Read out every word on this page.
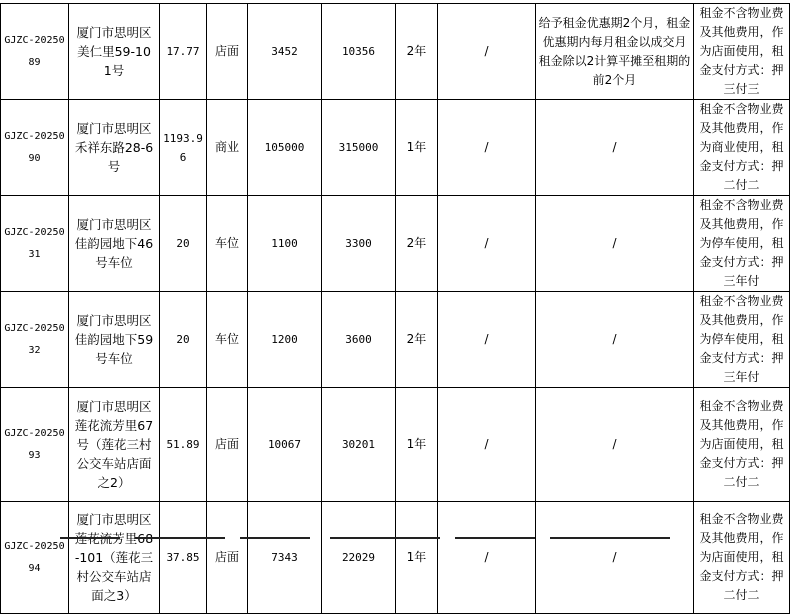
GJZC-2025089	厦门市思明区美仁里59-101号	17.77	店面	3452	10356	2年	/	给予租金优惠期2个月，租金优惠期内每月租金以成交月租金除以2计算平摊至租期的前2个月	租金不含物业费及其他费用，作为店面使用，租金支付方式：押三付三
GJZC-2025090	厦门市思明区禾祥东路28-6号	1193.96	商业	105000	315000	1年	/	/	租金不含物业费及其他费用，作为商业使用，租金支付方式：押二付二
GJZC-2025031	厦门市思明区佳韵园地下46号车位	20	车位	1100	3300	2年	/	/	租金不含物业费及其他费用，作为停车使用，租金支付方式：押三年付
GJZC-2025032	厦门市思明区佳韵园地下59号车位	20	车位	1200	3600	2年	/	/	租金不含物业费及其他费用，作为停车使用，租金支付方式：押三年付
GJZC-2025093	厦门市思明区莲花流芳里67号（莲花三村公交车站店面之2）	51.89	店面	10067	30201	1年	/	/	租金不含物业费及其他费用，作为店面使用，租金支付方式：押二付二
GJZC-2025094	厦门市思明区 花流芳里68-101（莲花三村公交车站店面之3）	37.85	店面	7343	22029	1年	/	/	租金不含物业费及其他费用，作为店面使用，租金支付方式：押二付二
